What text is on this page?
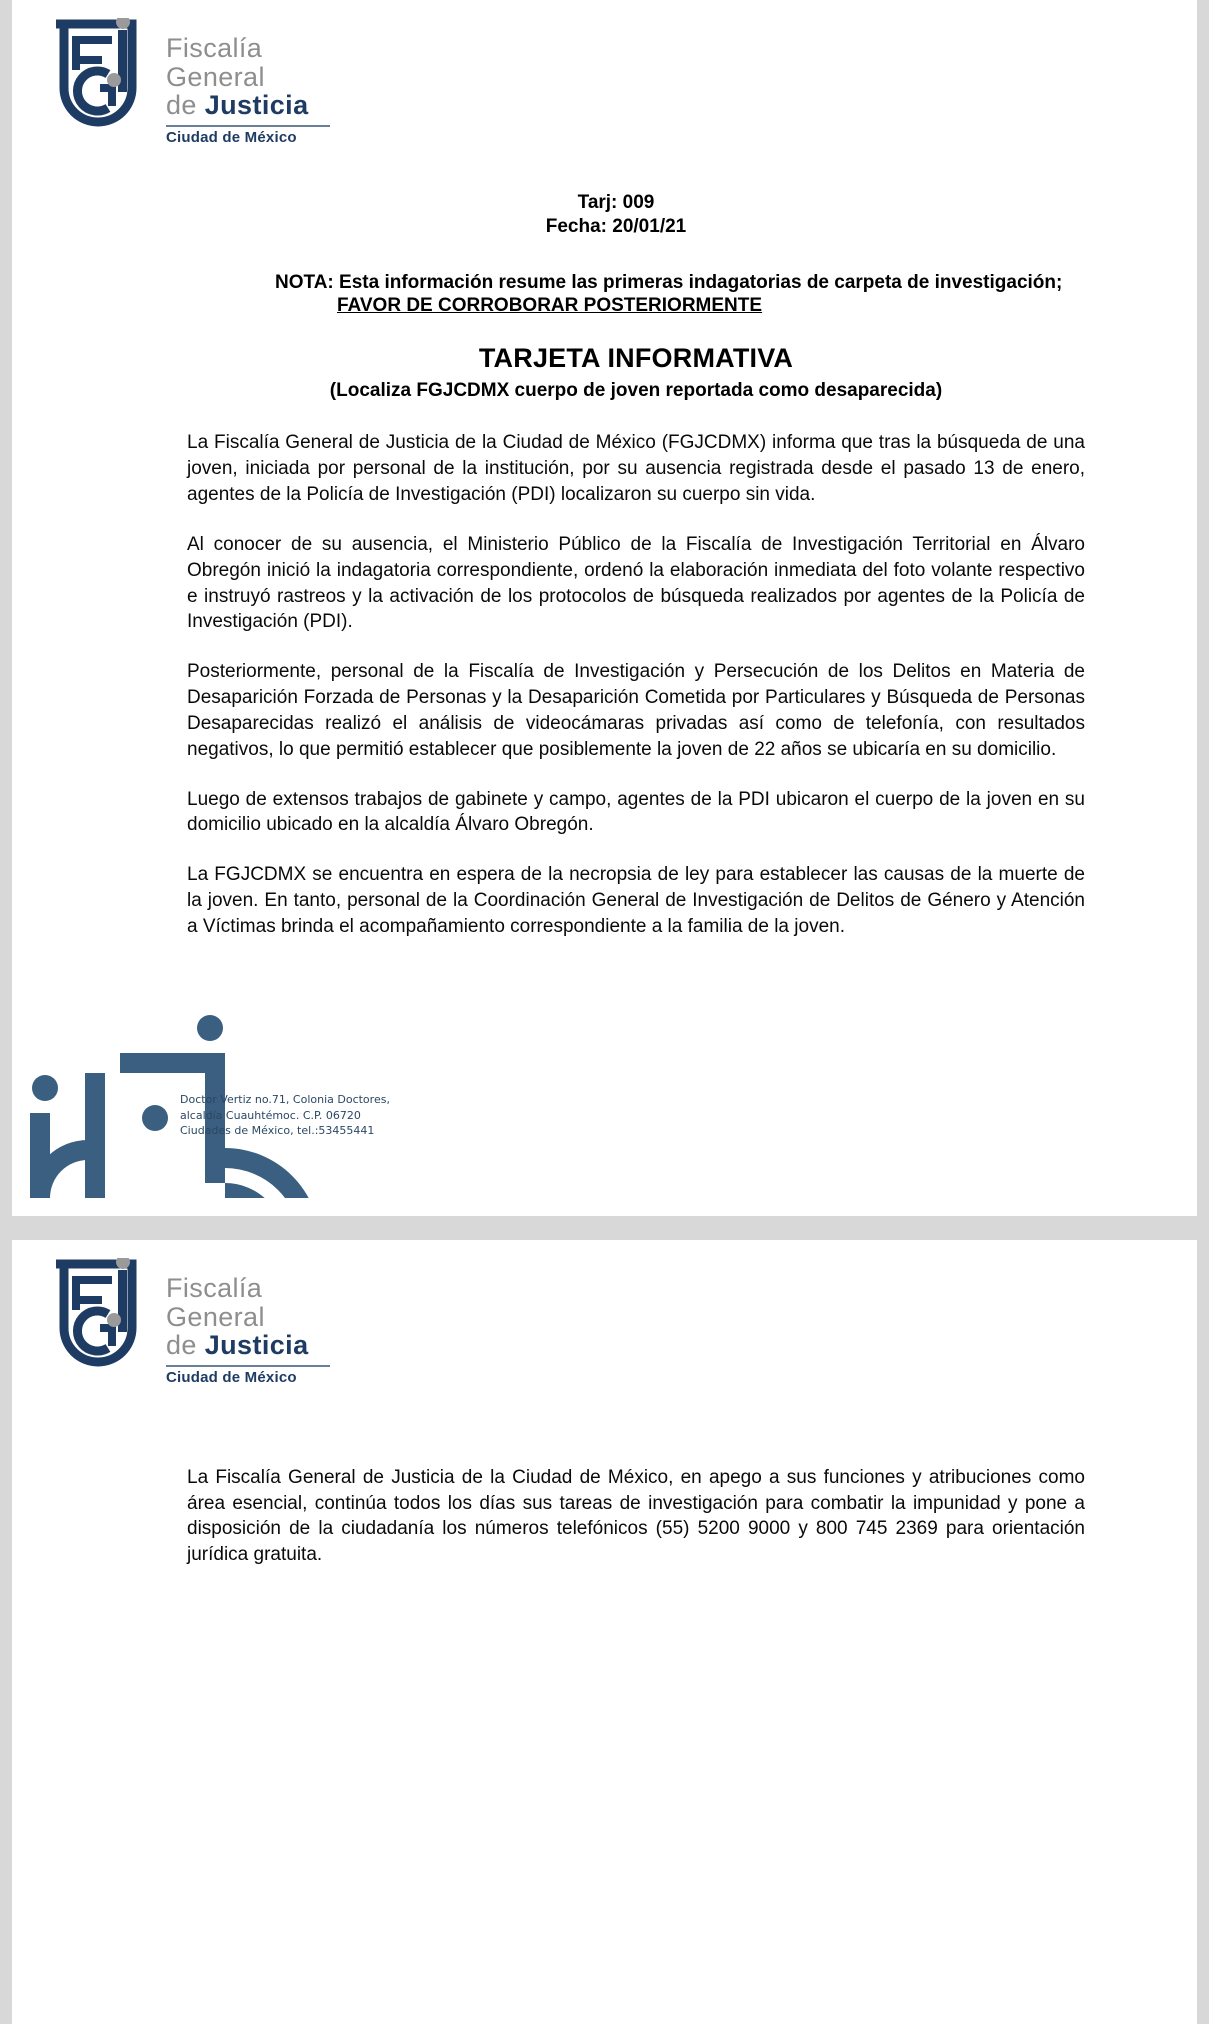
Fiscalía
General
de Justicia
Ciudad de México
Tarj: 009
Fecha: 20/01/21
NOTA: Esta información resume las primeras indagatorias de carpeta de investigación;
FAVOR DE CORROBORAR POSTERIORMENTE
TARJETA INFORMATIVA
(Localiza FGJCDMX cuerpo de joven reportada como desaparecida)

La Fiscalía General de Justicia de la Ciudad de México (FGJCDMX) informa que tras la búsqueda de una joven, iniciada por personal de la institución, por su ausencia registrada desde el pasado 13 de enero, agentes de la Policía de Investigación (PDI) localizaron su cuerpo sin vida.

Al conocer de su ausencia, el Ministerio Público de la Fiscalía de Investigación Territorial en Álvaro Obregón inició la indagatoria correspondiente, ordenó la elaboración inmediata del foto volante respectivo e instruyó rastreos y la activación de los protocolos de búsqueda realizados por agentes de la Policía de Investigación (PDI).

Posteriormente, personal de la Fiscalía de Investigación y Persecución de los Delitos en Materia de Desaparición Forzada de Personas y la Desaparición Cometida por Particulares y Búsqueda de Personas Desaparecidas realizó el análisis de videocámaras privadas así como de telefonía, con resultados negativos, lo que permitió establecer que posiblemente la joven de 22 años se ubicaría en su domicilio.

Luego de extensos trabajos de gabinete y campo, agentes de la PDI ubicaron el cuerpo de la joven en su domicilio ubicado en la alcaldía Álvaro Obregón.

La FGJCDMX se encuentra en espera de la necropsia de ley para establecer las causas de la muerte de la joven. En tanto, personal de la Coordinación General de Investigación de Delitos de Género y Atención a Víctimas brinda el acompañamiento correspondiente a la familia de la joven.

Doctor Vertiz no.71, Colonia Doctores,
alcaldía Cuauhtémoc. C.P. 06720
Ciudades de México, tel.:53455441
Fiscalía
General
de Justicia
Ciudad de México

La Fiscalía General de Justicia de la Ciudad de México, en apego a sus funciones y atribuciones como área esencial, continúa todos los días sus tareas de investigación para combatir la impunidad y pone a disposición de la ciudadanía los números telefónicos (55) 5200 9000 y 800 745 2369 para orientación jurídica gratuita.
